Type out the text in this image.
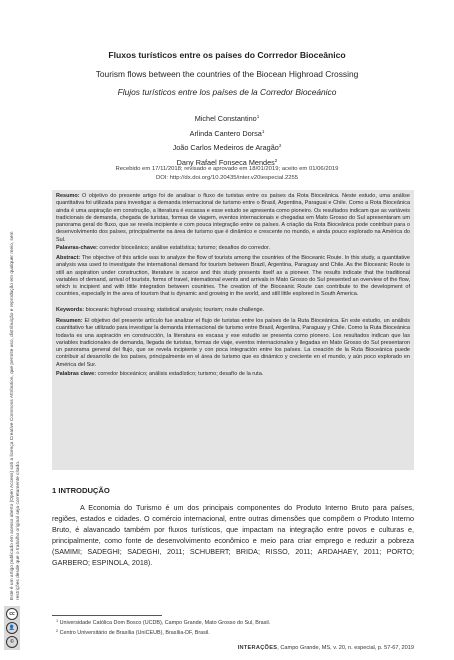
Fluxos turísticos entre os países do Corrredor Bioceânico
Tourism flows between the countries of the Biocean Highroad Crossing
Flujos turísticos entre los países de la Corredor Bioceánico
Michel Constantino$^1$
Arlinda Cantero Dorsa$^1$
João Carlos Medeiros de Aragão$^2$
Dany Rafael Fonseca Mendes$^2$
Recebido em 17/11/2018; revisado e aprovado em 18/01/2019; aceito em 01/06/2019
DOI: http://dx.doi.org/10.20435/inter.v20iespecial.2255

Resumo: O objetivo do presente artigo foi de analisar o fluxo de turistas entre os países da Rota Bioceânica. Neste estudo, uma análise quantitativa foi utilizada para investigar a demanda internacional de turismo entre o Brasil, Argentina, Paraguai e Chile. Como a Rota Bioceânica ainda é uma aspiração em construção, a literatura é escassa e esse estudo se apresenta como pioneiro. Os resultados indicam que as variáveis tradicionais de demanda, chegada de turistas, formas de viagem, eventos internacionais e chegadas em Mato Grosso do Sul apresentaram um panorama geral do fluxo, que se revela incipiente e com pouca integração entre os países. A criação da Rota Bioceânica pode contribuir para o desenvolvimento dos países, principalmente na área de turismo que é dinâmico e crescente no mundo, e ainda pouco explorado na América do Sul.

Palavras-chave: corredor bioceânico; análise estatística; turismo; desafios do corredor.

Abstract: The objective of this article was to analyze the flow of tourists among the countries of the Bioceanic Route. In this study, a quantitative analysis was used to investigate the international demand for tourism between Brazil, Argentina, Paraguay and Chile. As the Bioceanic Route is still an aspiration under construction, literature is scarce and this study presents itself as a pioneer. The results indicate that the traditional variables of demand, arrival of tourists, forms of travel, international events and arrivals in Mato Grosso do Sul presented an overview of the flow, which is incipient and with little integration between countries. The creation of the Bioceanic Route can contribute to the development of countries, especially in the area of tourism that is dynamic and growing in the world, and still little explored in South America.

Keywords: bioceanic highroad crossing; statistical analysis; tourism; route challenge.

Resumen: El objetivo del presente artículo fue analizar el flujo de turistas entre los países de la Ruta Bioceánica. En este estudio, un análisis cuantitativo fue utilizado para investigar la demanda internacional de turismo entre Brasil, Argentina, Paraguay y Chile. Como la Ruta Bioceánica todavía es una aspiración en construcción, la literatura es escasa y ese estudio se presenta como pionero. Los resultados indican que las variables tradicionales de demanda, llegada de turistas, formas de viaje, eventos internacionales y llegadas en Mato Grosso do Sul presentaron un panorama general del flujo, que se revela incipiente y con poca integración entre los países. La creación de la Ruta Bioceánica puede contribuir al desarrollo de los países, principalmente en el área de turismo que es dinámico y creciente en el mundo, y aún poco explorado en América del Sur.

Palabras clave: corredor bioceánico; análisis estadístico; turismo; desafío de la ruta.

1 INTRODUÇÃO

A Economia do Turismo é um dos principais componentes do Produto Interno Bruto para países, regiões, estados e cidades. O comércio internacional, entre outras dimensões que compõem o Produto Interno Bruto, é alavancado também por fluxos turísticos, que impactam na integração entre povos e culturas e, principalmente, como fonte de desenvolvimento econômico e meio para criar emprego e reduzir a pobreza (SAMIMI; SADEGHI; SADEGHI, 2011; SCHUBERT; BRIDA; RISSO, 2011; ARDAHAEY, 2011; PORTO; GARBERO; ESPINOLA, 2018).

$^1$ Universidade Católica Dom Bosco (UCDB), Campo Grande, Mato Grosso do Sul, Brasil.
$^2$ Centro Universitário de Brasília (UniCEUB), Brasília-DF, Brasil.
INTERAÇÕES, Campo Grande, MS, v. 20, n. especial, p. 57-67, 2019
Este é um artigo publicado em acesso aberto (Open Access) sob a licença Creative Commons Attribution, que permite uso, distribuição e reprodução em qualquer meio, sem restrições desde que o trabalho original seja corretamente citado.
cc
👤
©
